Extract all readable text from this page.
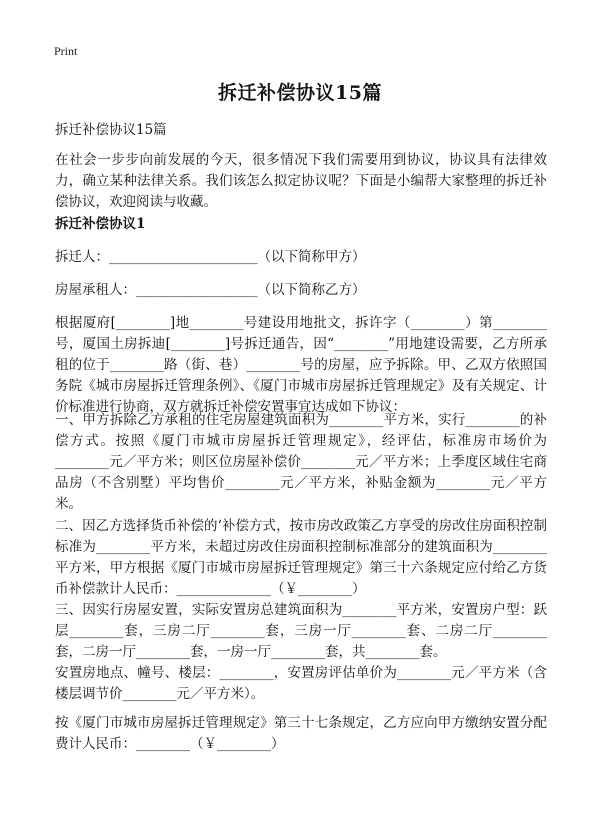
Print
拆迁补偿协议15篇
拆迁补偿协议15篇
在社会一步步向前发展的今天，很多情况下我们需要用到协议，协议具有法律效力，确立某种法律关系。我们该怎么拟定协议呢？下面是小编帮大家整理的拆迁补偿协议，欢迎阅读与收藏。
拆迁补偿协议1
拆迁人：______________________（以下简称甲方）
房屋承租人：__________________（以下简称乙方）
根据厦府[________]地________号建设用地批文，拆许字（________）第________号，厦国土房拆迪[________]号拆迁通告，因“________”用地建设需要，乙方所承租的位于________路（街、巷）________号的房屋，应予拆除。甲、乙双方依照国务院《城市房屋拆迁管理条例》、《厦门市城市房屋拆迁管理规定》及有关规定、计价标准进行协商，双方就拆迁补偿安置事宜达成如下协议：
一、甲方拆除乙方承租的住宅房屋建筑面积为________平方米，实行________的补偿方式。按照《厦门市城市房屋拆迁管理规定》，经评估，标准房市场价为________元／平方米；则区位房屋补偿价________元／平方米；上季度区域住宅商品房（不含别墅）平均售价________元／平方米，补贴金额为________元／平方米。
二、因乙方选择货币补偿的‘补偿方式，按市房改政策乙方享受的房改住房面积控制标准为________平方米，未超过房改住房面积控制标准部分的建筑面积为________平方米，甲方根据《厦门市城市房屋拆迁管理规定》第三十六条规定应付给乙方货币补偿款计人民币：______________（￥________）
三、因实行房屋安置，实际安置房总建筑面积为________平方米，安置房户型：跃层________套，三房二厅________套，三房一厅________套、二房二厅________套，二房一厅________套，一房一厅________套，共________套。
安置房地点、幢号、楼层：________，安置房评估单价为________元／平方米（含楼层调节价________元／平方米）。
按《厦门市城市房屋拆迁管理规定》第三十七条规定，乙方应向甲方缴纳安置分配费计人民币：________（￥________）
